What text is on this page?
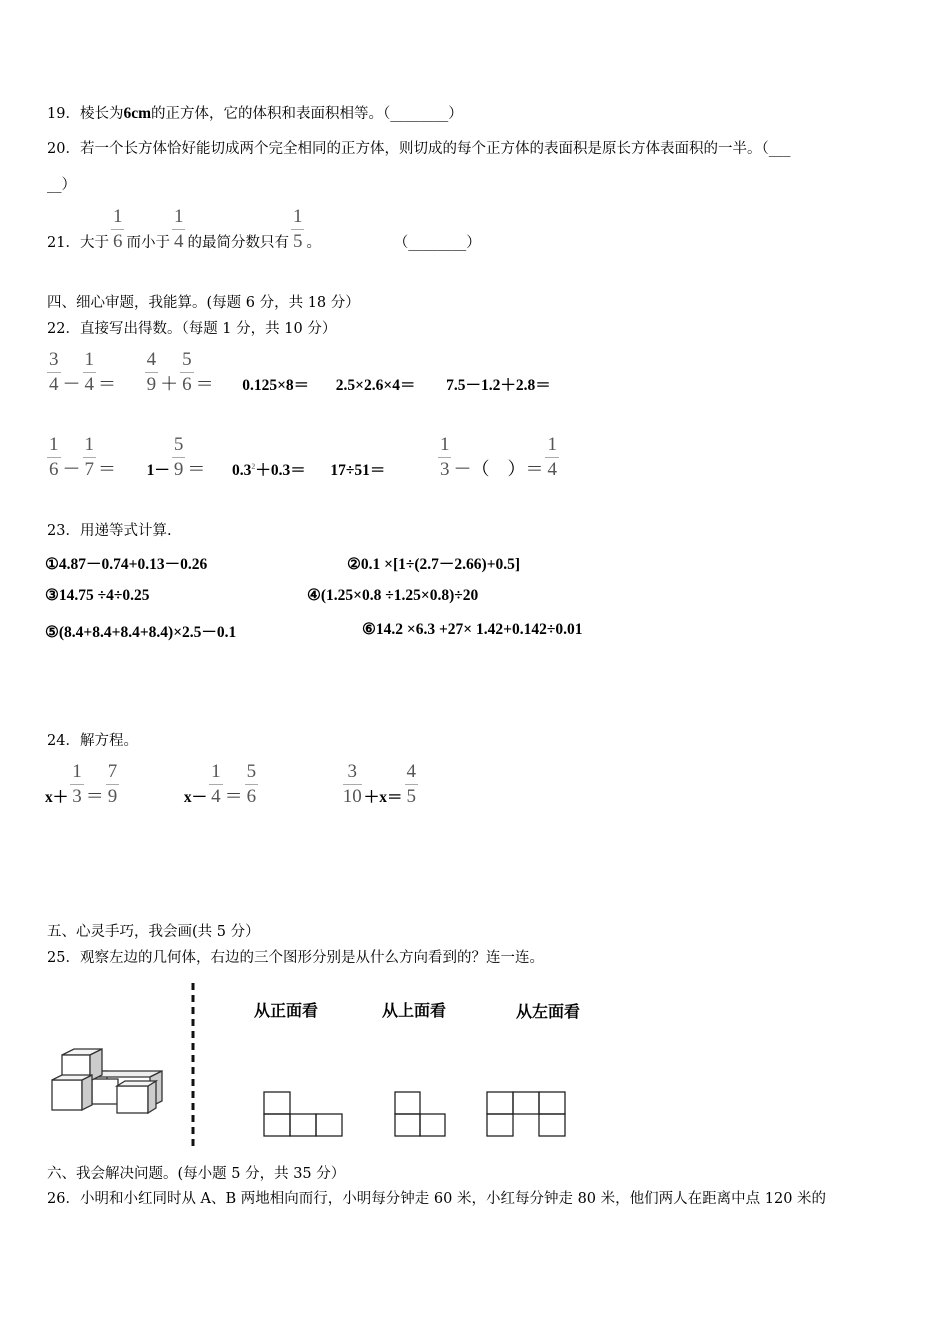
19．棱长为6cm的正方体，它的体积和表面积相等。（________）
20．若一个长方体恰好能切成两个完全相同的正方体，则切成的每个正方体的表面积是原长方体表面积的一半。（___
__）
21．大于 $\frac{1}{6}$ 而小于 $\frac{1}{4}$ 的最简分数只有 $\frac{1}{5}$ 。	（________）
四、细心审题，我能算。(每题 6 分，共 18 分）
22．直接写出得数。（每题 1 分，共 10 分）
$\frac{3}{4} - \frac{1}{4} = \frac{4}{9} + \frac{5}{6} = 0.125\times 8= 2.5\times 2.6\times 4= 7.5-1.2+2.8=$
$\frac{1}{6} - \frac{1}{7} = 1- \frac{5}{9} = 0.3^2+0.3= 17\div 51=$	$\frac{1}{3}$ －（　）＝ $\frac{1}{4}$
23．用递等式计算.
①4.87－0.74+0.13－0.26	②0.1 ×[1÷(2.7－2.66)+0.5]
③14.75 ÷4÷0.25	④(1.25×0.8 ÷1.25×0.8)÷20
⑤(8.4+8.4+8.4+8.4)×2.5－0.1	⑥14.2 ×6.3 +27× 1.42+0.142÷0.01
24．解方程。
$x+ \frac{1}{3} = \frac{7}{9}$	$x- \frac{1}{4} = \frac{5}{6}$
	$\frac{3}{10} +x= \frac{4}{5}$
五、心灵手巧，我会画(共 5 分）
25．观察左边的几何体，右边的三个图形分别是从什么方向看到的？连一连。
从正面看	从上面看	从左面看
六、我会解决问题。(每小题 5 分，共 35 分）
26．小明和小红同时从 A、B 两地相向而行，小明每分钟走 60 米，小红每分钟走 80 米，他们两人在距离中点 120 米的
